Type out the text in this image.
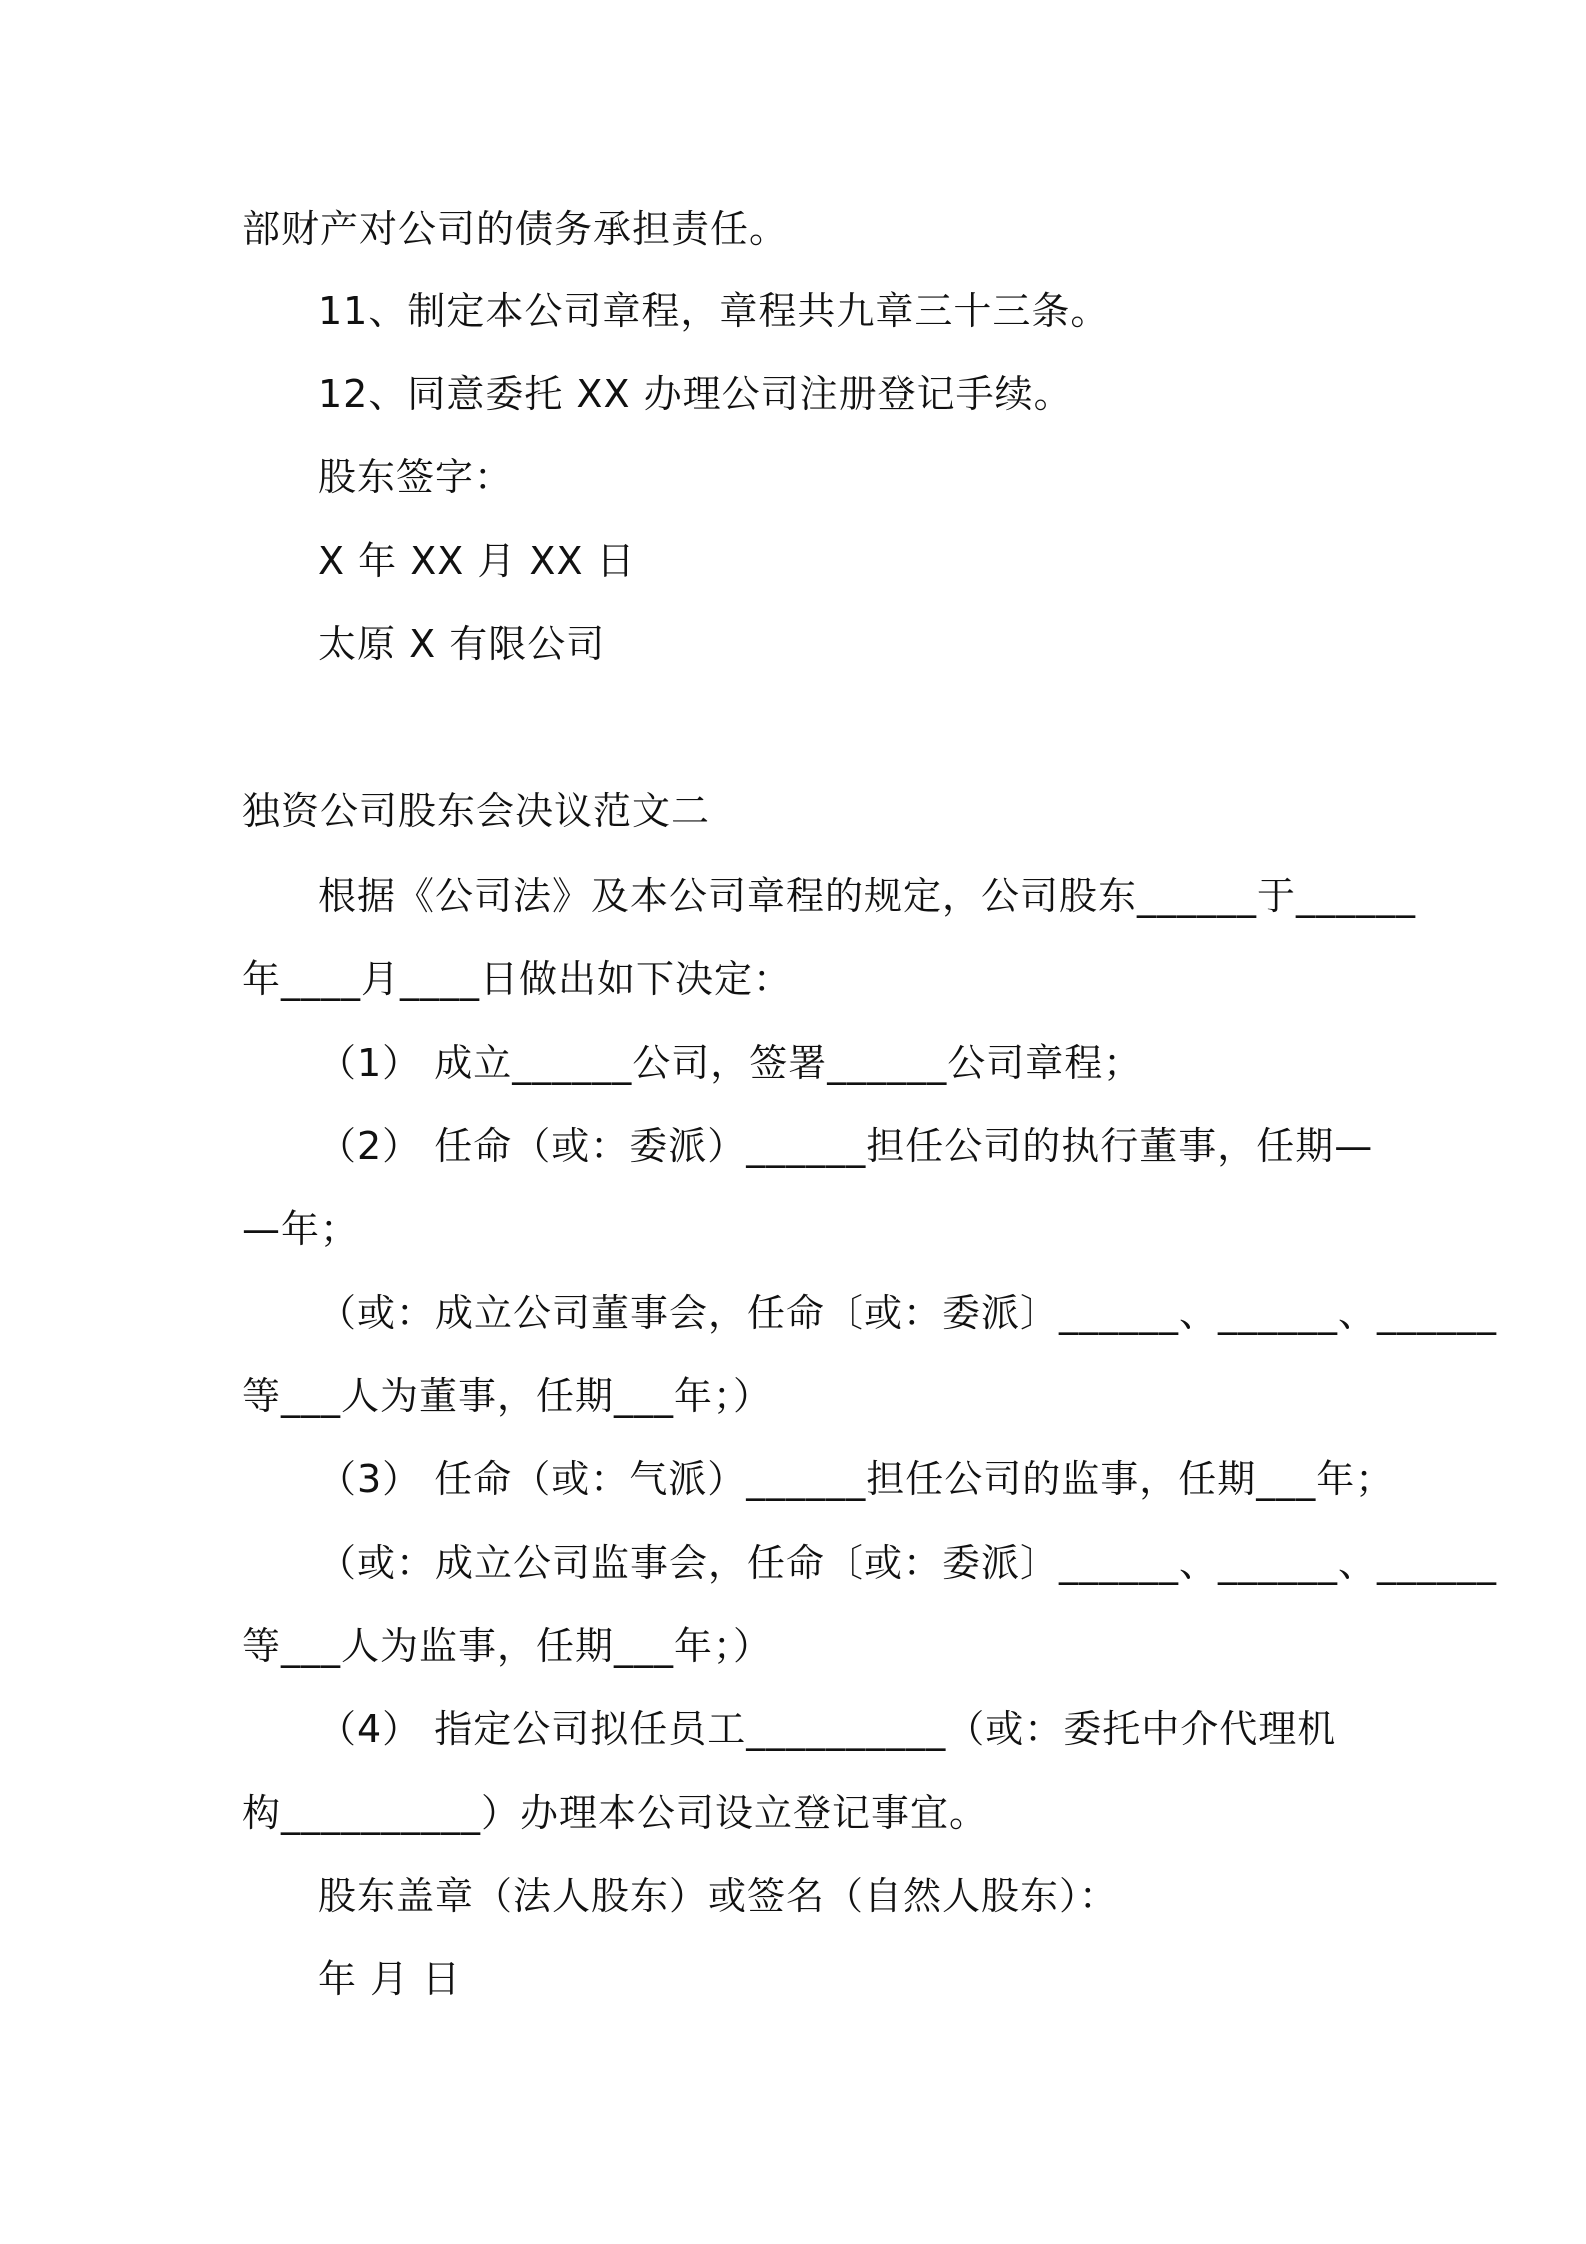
部财产对公司的债务承担责任。
11、制定本公司章程，章程共九章三十三条。
12、同意委托 XX 办理公司注册登记手续。
股东签字：
X 年 XX 月 XX 日
太原 X 有限公司
独资公司股东会决议范文二
根据《公司法》及本公司章程的规定，公司股东______于______
年____月____日做出如下决定：
（1） 成立______公司，签署______公司章程；
（2） 任命（或：委派）______担任公司的执行董事，任期—
—年；
（或：成立公司董事会，任命〔或：委派〕______、______、______
等___人为董事，任期___年；）
（3） 任命（或：气派）______担任公司的监事，任期___年；
（或：成立公司监事会，任命〔或：委派〕______、______、______
等___人为监事，任期___年；）
（4） 指定公司拟任员工__________（或：委托中介代理机
构__________）办理本公司设立登记事宜。
股东盖章（法人股东）或签名（自然人股东）：
年 月 日
